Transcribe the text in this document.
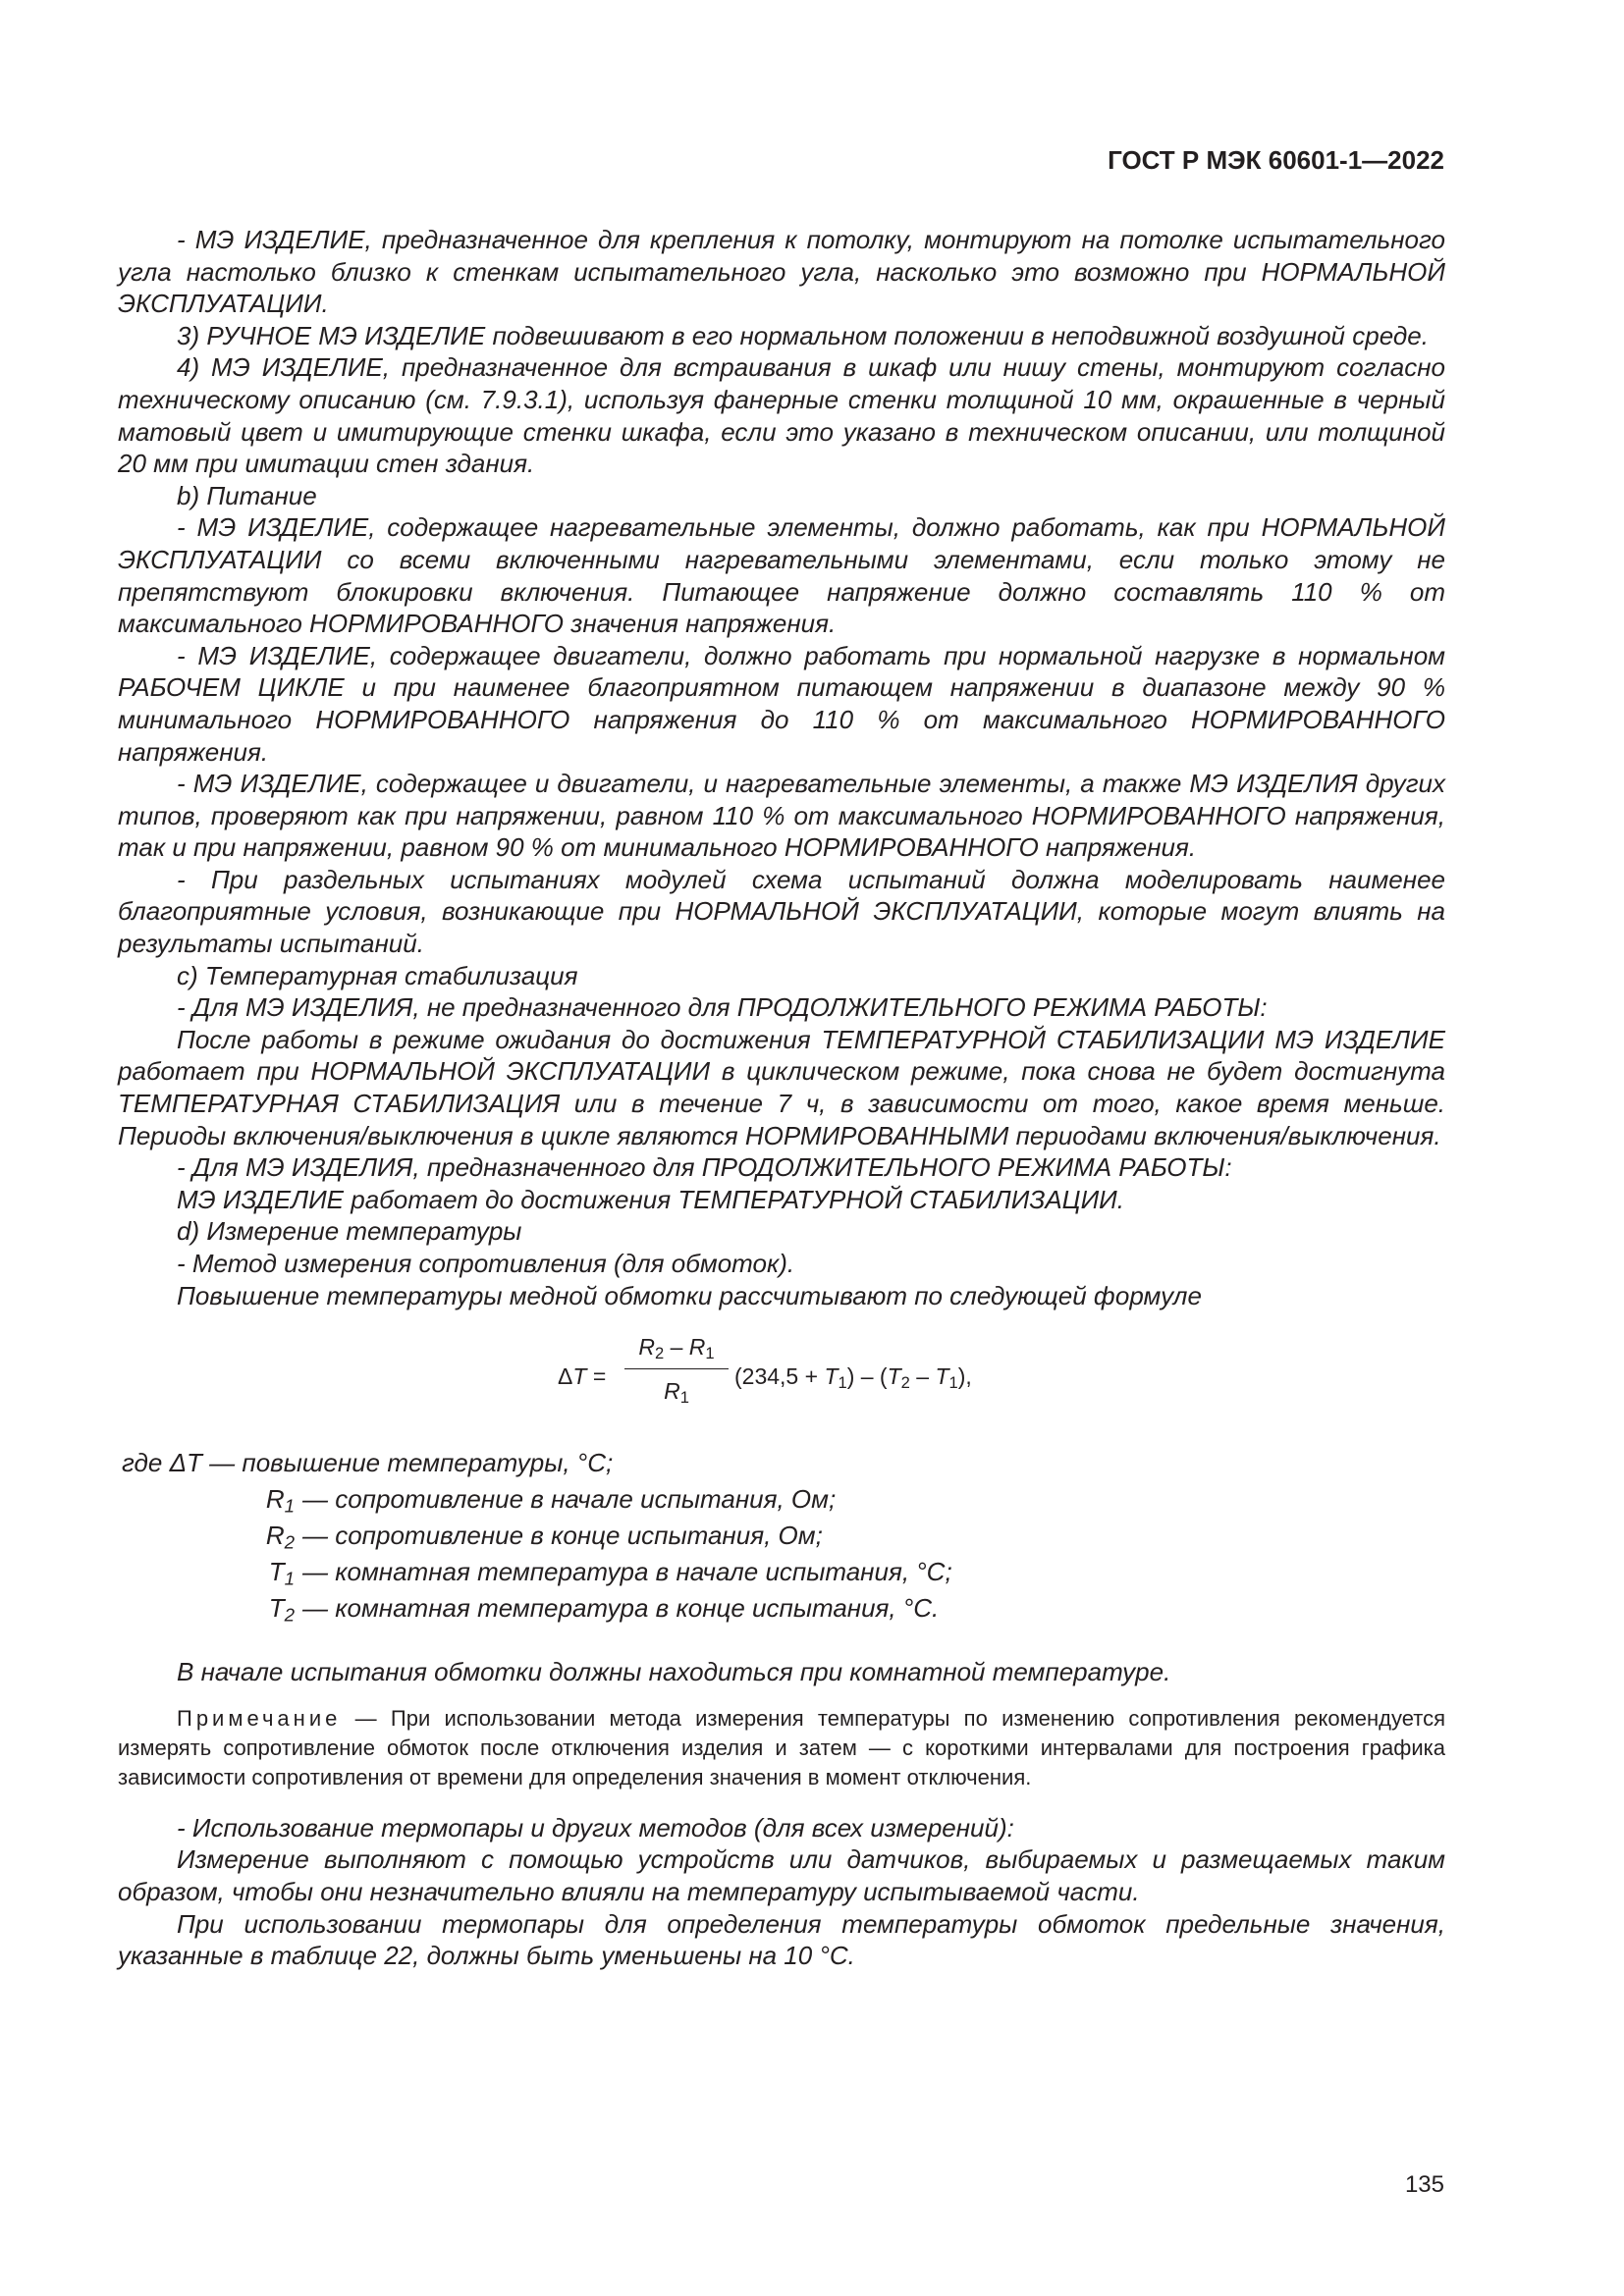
ГОСТ Р МЭК 60601-1—2022

- МЭ ИЗДЕЛИЕ, предназначенное для крепления к потолку, монтируют на потолке испытательного угла настолько близко к стенкам испытательного угла, насколько это возможно при НОРМАЛЬНОЙ ЭКСПЛУАТАЦИИ.

3) РУЧНОЕ МЭ ИЗДЕЛИЕ подвешивают в его нормальном положении в неподвижной воздушной среде.

4) МЭ ИЗДЕЛИЕ, предназначенное для встраивания в шкаф или нишу стены, монтируют согласно техническому описанию (см. 7.9.3.1), используя фанерные стенки толщиной 10 мм, окрашенные в черный матовый цвет и имитирующие стенки шкафа, если это указано в техническом описании, или толщиной 20 мм при имитации стен здания.

b) Питание

- МЭ ИЗДЕЛИЕ, содержащее нагревательные элементы, должно работать, как при НОРМАЛЬНОЙ ЭКСПЛУАТАЦИИ со всеми включенными нагревательными элементами, если только этому не препятствуют блокировки включения. Питающее напряжение должно составлять 110 % от максимального НОРМИРОВАННОГО значения напряжения.

- МЭ ИЗДЕЛИЕ, содержащее двигатели, должно работать при нормальной нагрузке в нормальном РАБОЧЕМ ЦИКЛЕ и при наименее благоприятном питающем напряжении в диапазоне между 90 % минимального НОРМИРОВАННОГО напряжения до 110 % от максимального НОРМИРОВАННОГО напряжения.

- МЭ ИЗДЕЛИЕ, содержащее и двигатели, и нагревательные элементы, а также МЭ ИЗДЕЛИЯ других типов, проверяют как при напряжении, равном 110 % от максимального НОРМИРОВАННОГО напряжения, так и при напряжении, равном 90 % от минимального НОРМИРОВАННОГО напряжения.

- При раздельных испытаниях модулей схема испытаний должна моделировать наименее благоприятные условия, возникающие при НОРМАЛЬНОЙ ЭКСПЛУАТАЦИИ, которые могут влиять на результаты испытаний.

c) Температурная стабилизация

- Для МЭ ИЗДЕЛИЯ, не предназначенного для ПРОДОЛЖИТЕЛЬНОГО РЕЖИМА РАБОТЫ:

После работы в режиме ожидания до достижения ТЕМПЕРАТУРНОЙ СТАБИЛИЗАЦИИ МЭ ИЗДЕЛИЕ работает при НОРМАЛЬНОЙ ЭКСПЛУАТАЦИИ в циклическом режиме, пока снова не будет достигнута ТЕМПЕРАТУРНАЯ СТАБИЛИЗАЦИЯ или в течение 7 ч, в зависимости от того, какое время меньше. Периоды включения/выключения в цикле являются НОРМИРОВАННЫМИ периодами включения/выключения.

- Для МЭ ИЗДЕЛИЯ, предназначенного для ПРОДОЛЖИТЕЛЬНОГО РЕЖИМА РАБОТЫ:

МЭ ИЗДЕЛИЕ работает до достижения ТЕМПЕРАТУРНОЙ СТАБИЛИЗАЦИИ.

d) Измерение температуры

- Метод измерения сопротивления (для обмоток).

Повышение температуры медной обмотки рассчитывают по следующей формуле

ΔT =
$R_2 - R_1$
$R_1$
$(234,5 + T_1) - (T_2 - T_1)$,
где ΔT
— повышение температуры, °С;
$R_1$ — сопротивление в начале испытания, Ом;
$R_2$ — сопротивление в конце испытания, Ом;
$T_1$ — комнатная температура в начале испытания, °С;
$T_2$ — комнатная температура в конце испытания, °С.

В начале испытания обмотки должны находиться при комнатной температуре.

Примечание — При использовании метода измерения температуры по изменению сопротивления рекомендуется измерять сопротивление обмоток после отключения изделия и затем — с короткими интервалами для построения графика зависимости сопротивления от времени для определения значения в момент отключения.

- Использование термопары и других методов (для всех измерений):

Измерение выполняют с помощью устройств или датчиков, выбираемых и размещаемых таким образом, чтобы они незначительно влияли на температуру испытываемой части.

При использовании термопары для определения температуры обмоток предельные значения, указанные в таблице 22, должны быть уменьшены на 10 °С.

135
